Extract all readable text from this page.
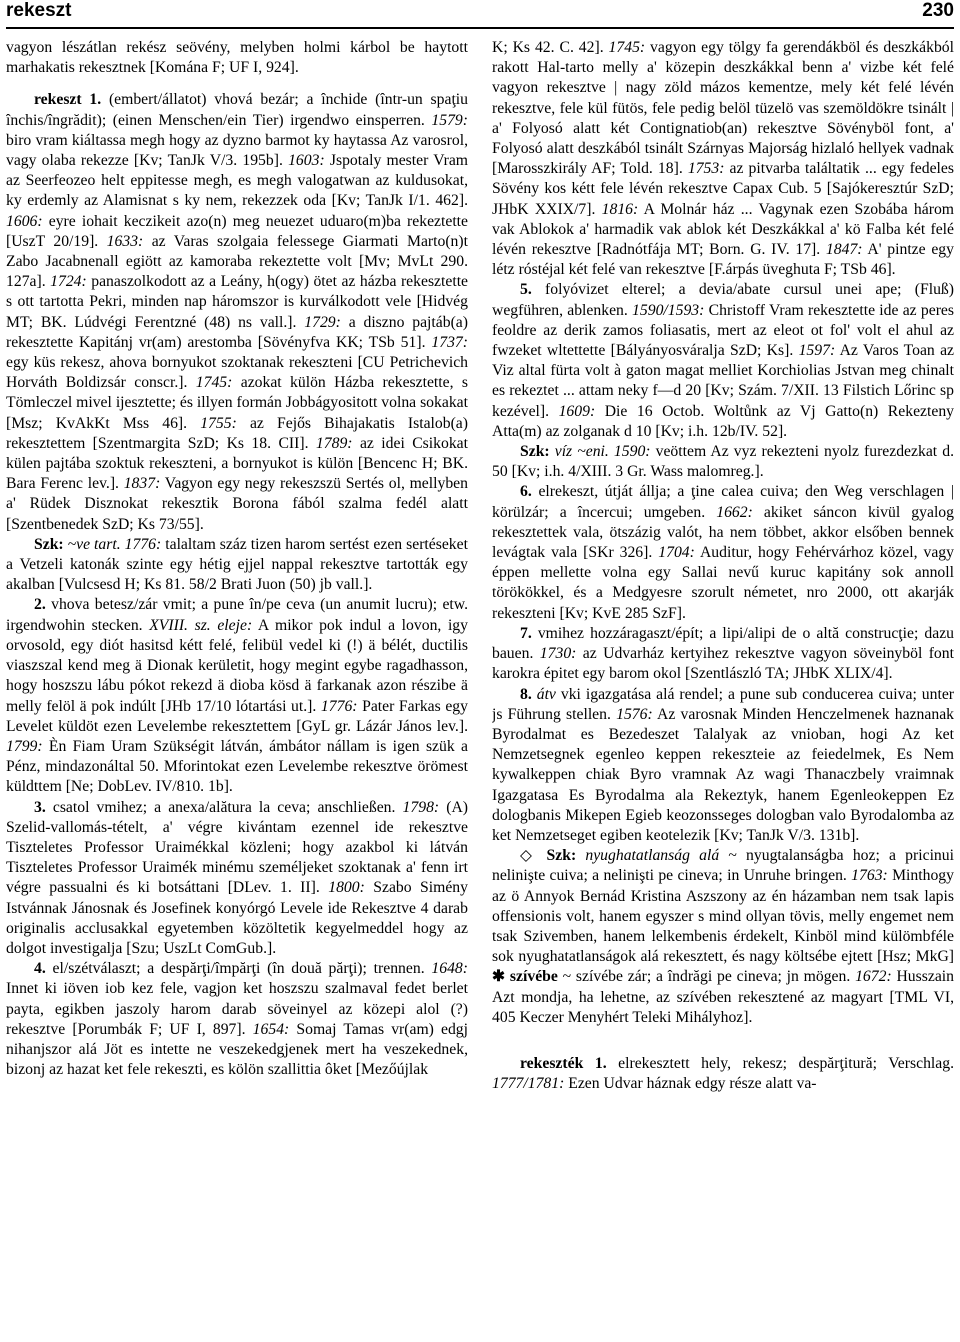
rekeszt	230

vagyon lészátlan rekész seövény, melyben holmi kárbol be haytott marhakatis rekesztnek [Komána F; UF I, 924].

rekeszt 1. (embert/állatot) vhová bezár; a închide (într-un spaţiu închis/îngrădit); (einen Menschen/ein Tier) irgendwo einsperren. 1579: biro vram kiáltassa megh hogy az dyzno barmot ky haytassa Az varosrol, vagy olaba rekezze [Kv; TanJk V/3. 195b]. 1603: Jspotaly mester Vram az Seerfeozeo helt eppitesse megh, es megh valogatwan az kuldusokat, ky erdemly az Alamisnat s ky nem, rekezzek oda [Kv; TanJk I/1. 462]. 1606: eyre iohait keczikeit azo(n) meg neuezet uduaro(m)ba rekeztette [UszT 20/19]. 1633: az Varas szolgaia felessege Giarmati Marto(n)t Zabo Jacabnenall egiött az kamoraba rekeztette volt [Mv; MvLt 290. 127a]. 1724: panaszolkodott az a Leány, h(ogy) ötet az házba rekesztette s ott tartotta Pekri, minden nap háromszor is kurválkodott vele [Hidvég MT; BK. Lúdvégi Ferentzné (48) ns vall.]. 1729: a diszno pajtáb(a) rekesztette Kapitánj vr(am) arestomba [Sövényfva KK; TSb 51]. 1737: egy küs rekesz, ahova bornyukot szoktanak rekeszteni [CU Petrichevich Horváth Boldizsár conscr.]. 1745: azokat külön Házba rekesztette, s Tömleczel mivel ijesztette; és illyen formán Jobbágyositott volna sokakat [Msz; KvAkKt Mss 46]. 1755: az Fejős Bihajakatis Istalob(a) rekesztettem [Szentmargita SzD; Ks 18. CII]. 1789: az idei Csikokat külen pajtába szoktuk rekeszteni, a bornyukot is külön [Bencenc H; BK. Bara Ferenc lev.]. 1837: Vagyon egy negy rekeszszü Sertés ol, mellyben a' Rüdek Disznokat rekesztik Borona fából szalma fedél alatt [Szentbenedek SzD; Ks 73/55].

Szk: ~ve tart. 1776: talaltam száz tizen harom sertést ezen sertéseket a Vetzeli katonák szinte egy hétig ejjel nappal rekesztve tartották egy akalban [Vulcsesd H; Ks 81. 58/2 Brati Juon (50) jb vall.].

2. vhova betesz/zár vmit; a pune în/pe ceva (un anumit lucru); etw. irgendwohin stecken. XVIII. sz. eleje: A mikor pok indul a lovon, igy orvosold, egy diót hasitsd kétt felé, felibül vedel ki (!) ä bélét, ductilis viaszszal kend meg ä Dionak kerületit, hogy megint egybe ragadhasson, hogy hoszszu lábu pókot rekezd ä dioba kösd ä farkanak azon részibe ä melly felöl ä pok indúlt [JHb 17/10 lótartási ut.]. 1776: Pater Farkas egy Levelet küldöt ezen Levelembe rekesztettem [GyL gr. Lázár János lev.]. 1799: Èn Fiam Uram Szükségit látván, ámbátor nállam is igen szük a Pénz, mindazonáltal 50. Mforintokat ezen Levelembe rekesztve örömest küldttem [Ne; DobLev. IV/810. 1b].

3. csatol vmihez; a anexa/alătura la ceva; anschließen. 1798: (A) Szelid-vallomás-tételt, a' végre kivántam ezennel ide rekesztve Tiszteletes Professor Uraimékkal közleni; hogy azakbol ki látván Tiszteletes Professor Uraimék minému személjeket szoktanak a' fenn irt végre passualni és ki botsáttani [DLev. 1. II]. 1800: Szabo Simény Istvánnak Jánosnak és Josefinek konyórgó Levele ide Rekesztve 4 darab originalis acclusakkal egyetemben közöltetik kegyelmeddel hogy az dolgot investigalja [Szu; UszLt ComGub.].

4. el/szétválaszt; a despărţi/împărţi (în două părţi); trennen. 1648: Innet ki iöven iob kez fele, vagjon ket hoszszu szalmaval fedet berlet payta, egikben jaszoly harom darab söveinyel az közepi alol (?) rekesztve [Porumbák F; UF I, 897]. 1654: Somaj Tamas vr(am) edgj nihanjszor alá Jöt es intette ne veszekedgjenek mert ha veszekednek, bizonj az hazat ket fele rekeszti, es kölön szallittia ôket [Mezőújlak

K; Ks 42. C. 42]. 1745: vagyon egy tölgy fa gerendákböl és deszkákból rakott Hal-tarto melly a' közepin deszkákkal benn a' vizbe két felé vagyon rekesztve | nagy zöld mázos kementze, mely két felé lévén rekesztve, fele kül fütös, fele pedig belöl tüzelö vas szemöldökre tsinált | a' Folyosó alatt két Contignatiob(an) rekesztve Sövényböl font, a' Folyosó alatt deszkából tsinált Szárnyas Majorság hizlaló hellyek vadnak [Marosszkirály AF; Told. 18]. 1753: az pitvarba találtatik ... egy fedeles Sövény kos kétt fele lévén rekesztve Capax Cub. 5 [Sajókeresztúr SzD; JHbK XXIX/7]. 1816: A Molnár ház ... Vagynak ezen Szobába három vak Ablokok a' harmadik vak ablok két Deszkákkal a' kö Falba két felé lévén rekesztve [Radnótfája MT; Born. G. IV. 17]. 1847: A' pintze egy létz róstéjal két felé van rekesztve [F.árpás üveghuta F; TSb 46].

5. folyóvizet elterel; a devia/abate cursul unei ape; (Fluß) wegführen, ablenken. 1590/1593: Christoff Vram rekesztette ide az peres feoldre az derik zamos foliasatis, mert az eleot ot fol' volt el ahul az fwzeket wltettette [Bályányosváralja SzD; Ks]. 1597: Az Varos Toan az Viz altal fürta volt à gaton magat melliet Korchiolias Jstvan meg chinalt es rekeztet ... attam neky f—d 20 [Kv; Szám. 7/XII. 13 Filstich Lőrinc sp kezével]. 1609: Die 16 Octob. Woltůnk az Vj Gatto(n) Rekezteny Atta(m) az zolganak d 10 [Kv; i.h. 12b/IV. 52].

Szk: víz ~eni. 1590: veöttem Az vyz rekezteni nyolz furezdezkat d. 50 [Kv; i.h. 4/XIII. 3 Gr. Wass malomreg.].

6. elrekeszt, útját állja; a ţine calea cuiva; den Weg verschlagen | körülzár; a încercui; umgeben. 1662: akiket sáncon kivül gyalog rekesztettek vala, ötszázig valót, ha nem többet, akkor elsőben bennek levágtak vala [SKr 326]. 1704: Auditur, hogy Fehérvárhoz közel, vagy éppen mellette volna egy Sallai nevű kuruc kapitány sok annoll törökökkel, és a Medgyesre szorult németet, nro 2000, ott akarják rekeszteni [Kv; KvE 285 SzF].

7. vmihez hozzáragaszt/épít; a lipi/alipi de o altă construcţie; dazu bauen. 1730: az Udvarház kertyihez rekesztve vagyon söveinyböl font karokra épitet egy barom okol [Szentlászló TA; JHbK XLIX/4].

8. átv vki igazgatása alá rendel; a pune sub conducerea cuiva; unter js Führung stellen. 1576: Az varosnak Minden Henczelmenek haznanak Byrodalmat es Bezedeszet Talalyak az vnioban, hogi Az ket Nemzetsegnek egenleo keppen rekeszteie az feiedelmek, Es Nem kywalkeppen chiak Byro vramnak Az wagi Thanaczbely vraimnak Igazgatasa Es Byrodalma ala Rekeztyk, hanem Egenleokeppen Ez dologbanis Mikepen Egieb keozonsseges dologban valo Byrodalomba az ket Nemzetseget egiben keotelezik [Kv; TanJk V/3. 131b].

◇ Szk: nyughatatlanság alá ~ nyugtalanságba hoz; a pricinui nelinişte cuiva; a nelinişti pe cineva; in Unruhe bringen. 1763: Minthogy az ö Annyok Bernád Kristina Aszszony az én házamban nem tsak lapis offensionis volt, hanem egyszer s mind ollyan tövis, melly engemet nem tsak Szivemben, hanem lelkembenis érdekelt, Kinböl mind külömbféle sok nyughatatlanságok alá rekesztett, és nagy költsébe ejtett [Hsz; MkG] ✱ szívébe ~ szívébe zár; a îndrăgi pe cineva; jn mögen. 1672: Husszain Azt mondja, ha lehetne, az szívében rekesztené az magyart [TML VI, 405 Keczer Menyhért Teleki Mihályhoz].

rekeszték 1. elrekesztett hely, rekesz; despărţitură; Verschlag. 1777/1781: Ezen Udvar háznak edgy része alatt va-
